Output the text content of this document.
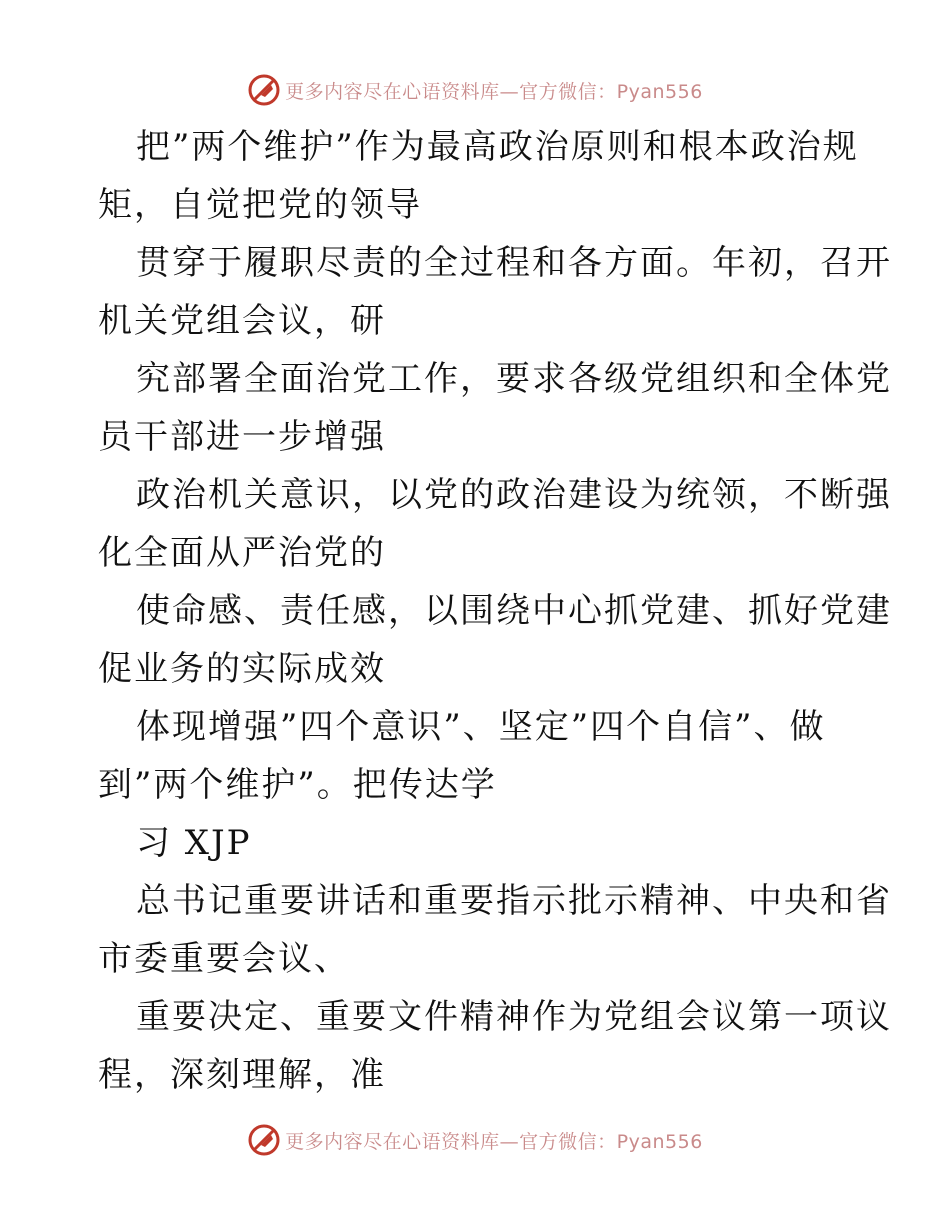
更多内容尽在心语资料库—官方微信：Pyan556
把”两个维护”作为最高政治原则和根本政治规
矩，自觉把党的领导
贯穿于履职尽责的全过程和各方面。年初，召开
机关党组会议，研
究部署全面治党工作，要求各级党组织和全体党
员干部进一步增强
政治机关意识，以党的政治建设为统领，不断强
化全面从严治党的
使命感、责任感，以围绕中心抓党建、抓好党建
促业务的实际成效
体现增强”四个意识”、坚定”四个自信”、做
到”两个维护”。把传达学
习 XJP
总书记重要讲话和重要指示批示精神、中央和省
市委重要会议、
重要决定、重要文件精神作为党组会议第一项议
程，深刻理解，准
更多内容尽在心语资料库—官方微信：Pyan556
